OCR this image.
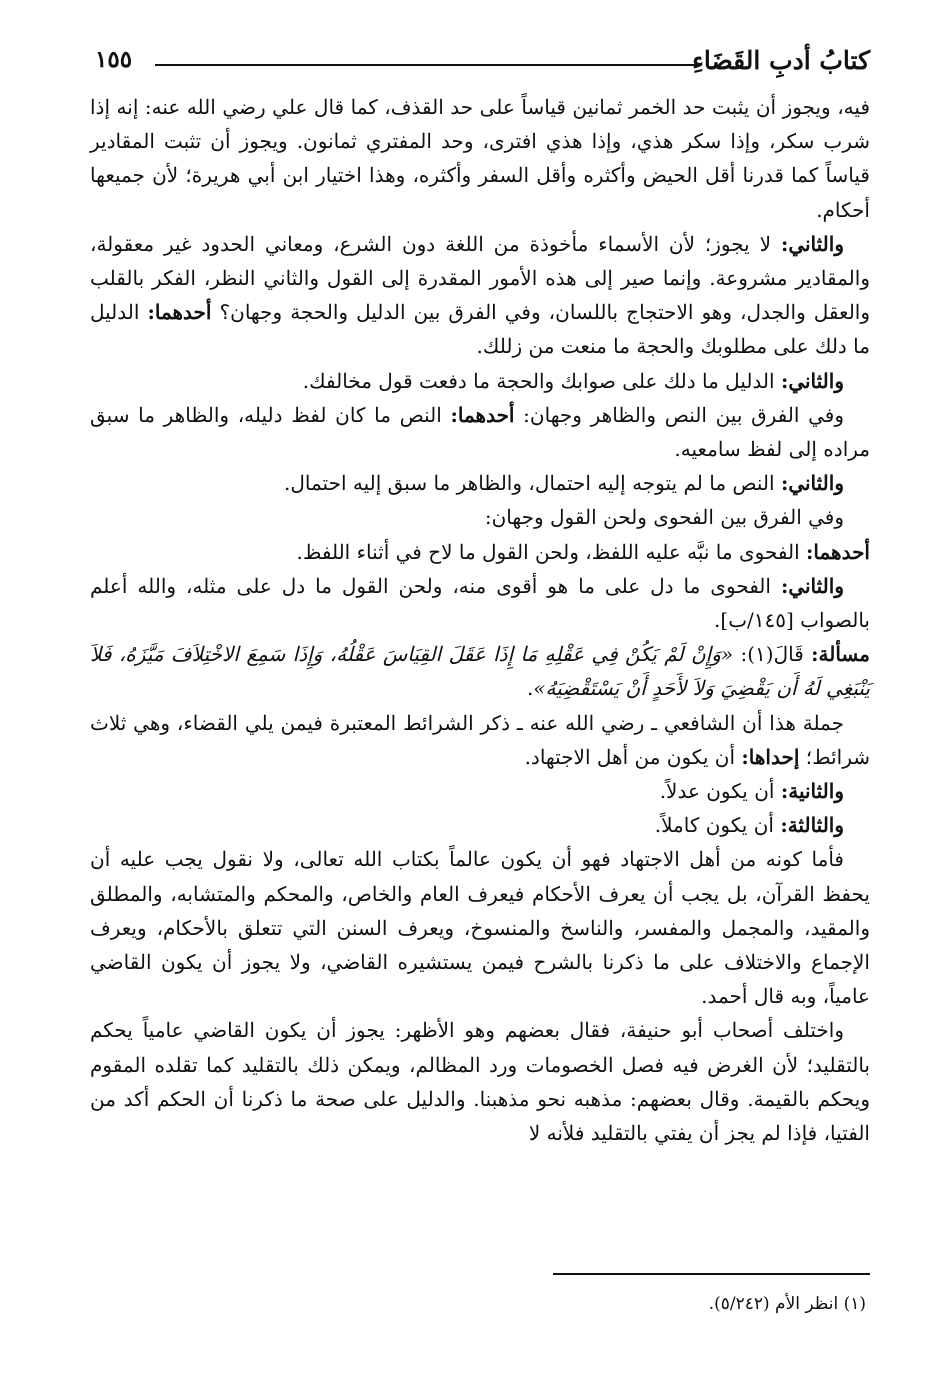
كتابُ أدبِ القَضَاءِ
١٥٥

فيه، ويجوز أن يثبت حد الخمر ثمانين قياساً على حد القذف، كما قال علي رضي الله عنه: إنه إذا شرب سكر، وإذا سكر هذي، وإذا هذي افترى، وحد المفتري ثمانون. ويجوز أن تثبت المقادير قياساً كما قدرنا أقل الحيض وأكثره وأقل السفر وأكثره، وهذا اختيار ابن أبي هريرة؛ لأن جميعها أحكام.

والثاني: لا يجوز؛ لأن الأسماء مأخوذة من اللغة دون الشرع، ومعاني الحدود غير معقولة، والمقادير مشروعة. وإنما صير إلى هذه الأمور المقدرة إلى القول والثاني النظر، الفكر بالقلب والعقل والجدل، وهو الاحتجاج باللسان، وفي الفرق بين الدليل والحجة وجهان؟ أحدهما: الدليل ما دلك على مطلوبك والحجة ما منعت من زللك.

والثاني: الدليل ما دلك على صوابك والحجة ما دفعت قول مخالفك.

وفي الفرق بين النص والظاهر وجهان: أحدهما: النص ما كان لفظ دليله، والظاهر ما سبق مراده إلى لفظ سامعيه.

والثاني: النص ما لم يتوجه إليه احتمال، والظاهر ما سبق إليه احتمال.

وفي الفرق بين الفحوى ولحن القول وجهان:

أحدهما: الفحوى ما نبَّه عليه اللفظ، ولحن القول ما لاح في أثناء اللفظ.

والثاني: الفحوى ما دل على ما هو أقوى منه، ولحن القول ما دل على مثله، والله أعلم بالصواب [١٤٥/ب].

مسألة: قَالَ(١): «وَإِنْ لَمْ يَكُنْ فِي عَقْلِهِ مَا إِذَا عَقَلَ القِيَاسَ عَقْلُهُ، وَإِذَا سَمِعَ الاخْتِلاَفَ مَيَّزَهُ، فَلاَ يَنْبَغِي لَهُ أَن يَقْضِيَ وَلاَ لأَحَدٍ أَنْ يَسْتَقْضِيَهُ».

جملة هذا أن الشافعي ـ رضي الله عنه ـ ذكر الشرائط المعتبرة فيمن يلي القضاء، وهي ثلاث شرائط؛ إحداها: أن يكون من أهل الاجتهاد.

والثانية: أن يكون عدلاً.

والثالثة: أن يكون كاملاً.

فأما كونه من أهل الاجتهاد فهو أن يكون عالماً بكتاب الله تعالى، ولا نقول يجب عليه أن يحفظ القرآن، بل يجب أن يعرف الأحكام فيعرف العام والخاص، والمحكم والمتشابه، والمطلق والمقيد، والمجمل والمفسر، والناسخ والمنسوخ، ويعرف السنن التي تتعلق بالأحكام، ويعرف الإجماع والاختلاف على ما ذكرنا بالشرح فيمن يستشيره القاضي، ولا يجوز أن يكون القاضي عامياً، وبه قال أحمد.

واختلف أصحاب أبو حنيفة، فقال بعضهم وهو الأظهر: يجوز أن يكون القاضي عامياً يحكم بالتقليد؛ لأن الغرض فيه فصل الخصومات ورد المظالم، ويمكن ذلك بالتقليد كما تقلده المقوم ويحكم بالقيمة. وقال بعضهم: مذهبه نحو مذهبنا. والدليل على صحة ما ذكرنا أن الحكم أكد من الفتيا، فإذا لم يجز أن يفتي بالتقليد فلأنه لا

(١) انظر الأم (٥/٢٤٢).
